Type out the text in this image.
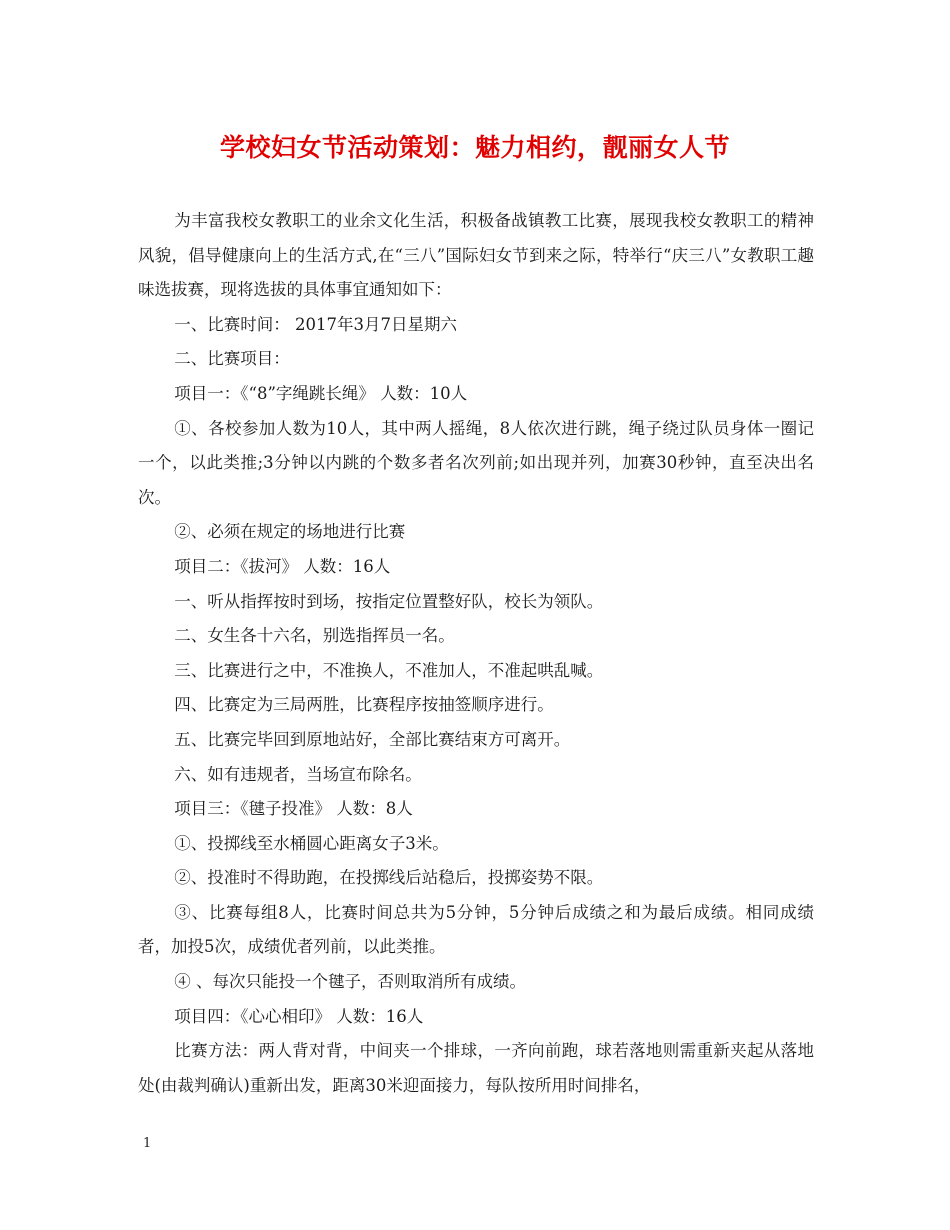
学校妇女节活动策划：魅力相约，靓丽女人节

为丰富我校女教职工的业余文化生活，积极备战镇教工比赛，展现我校女教职工的精神风貌，倡导健康向上的生活方式,在“三八”国际妇女节到来之际，特举行“庆三八”女教职工趣味选拔赛，现将选拔的具体事宜通知如下：

一、比赛时间： 2017年3月7日星期六

二、比赛项目：

项目一：《“8”字绳跳长绳》 人数：10人

①、各校参加人数为10人，其中两人摇绳，8人依次进行跳，绳子绕过队员身体一圈记一个，以此类推;3分钟以内跳的个数多者名次列前;如出现并列，加赛30秒钟，直至决出名次。

②、必须在规定的场地进行比赛

项目二：《拔河》 人数：16人

一、听从指挥按时到场，按指定位置整好队，校长为领队。

二、女生各十六名，别选指挥员一名。

三、比赛进行之中，不准换人，不准加人，不准起哄乱喊。

四、比赛定为三局两胜，比赛程序按抽签顺序进行。

五、比赛完毕回到原地站好，全部比赛结束方可离开。

六、如有违规者，当场宣布除名。

项目三：《毽子投准》 人数：8人

①、投掷线至水桶圆心距离女子3米。

②、投准时不得助跑，在投掷线后站稳后，投掷姿势不限。

③、比赛每组8人，比赛时间总共为5分钟，5分钟后成绩之和为最后成绩。相同成绩者，加投5次，成绩优者列前，以此类推。

④ 、每次只能投一个毽子，否则取消所有成绩。

项目四：《心心相印》 人数：16人

比赛方法：两人背对背，中间夹一个排球，一齐向前跑，球若落地则需重新夹起从落地处(由裁判确认)重新出发，距离30米迎面接力，每队按所用时间排名，

1
